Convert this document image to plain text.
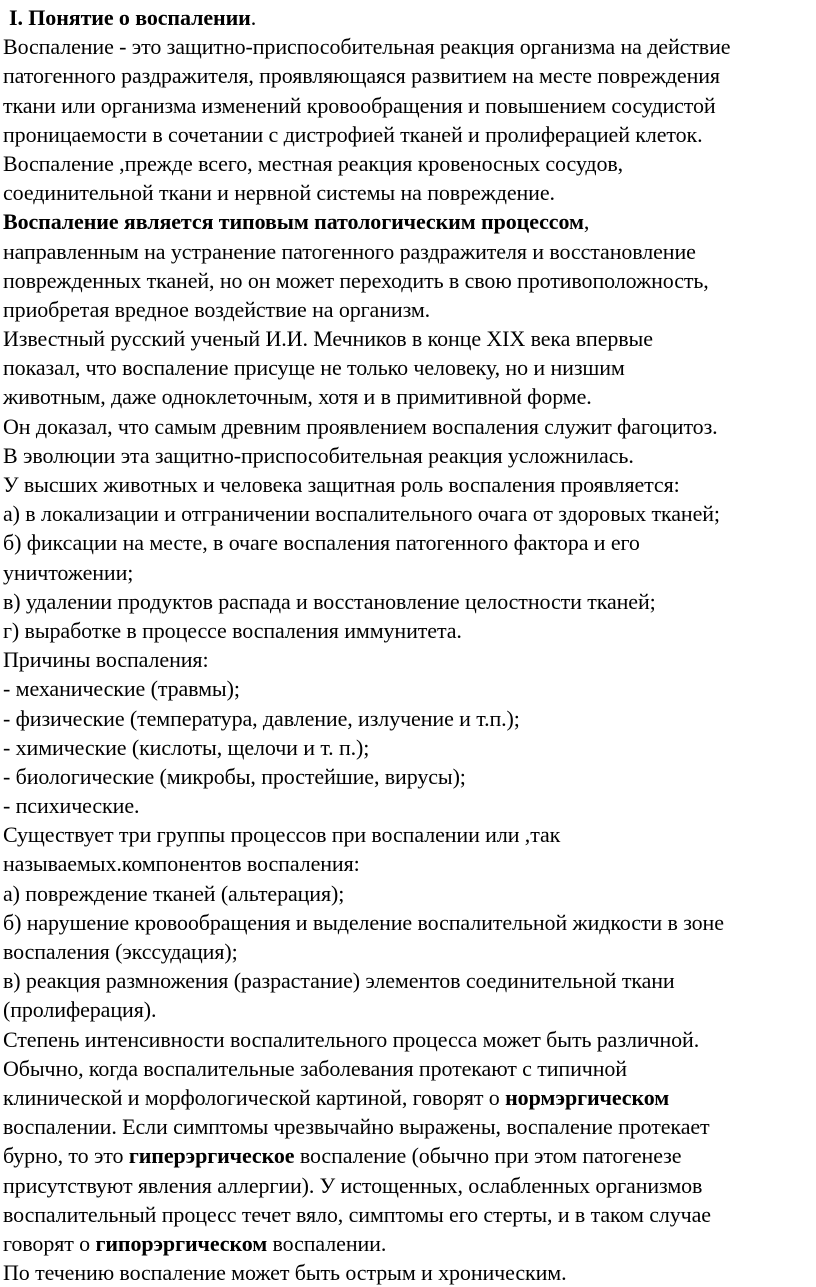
I. Понятие о воспалении.
Воспаление - это защитно-приспособительная реакция организма на действие
патогенного раздражителя, проявляющаяся развитием на месте повреждения
ткани или организма изменений кровообращения и повышением сосудистой
проницаемости в сочетании с дистрофией тканей и пролиферацией клеток.
Воспаление ,прежде всего, местная реакция кровеносных сосудов,
соединительной ткани и нервной системы на повреждение.
Воспаление является типовым патологическим процессом,
направленным на устранение патогенного раздражителя и восстановление
поврежденных тканей, но он может переходить в свою противоположность,
приобретая вредное воздействие на организм.
Известный русский ученый И.И. Мечников в конце XIX века впервые
показал, что воспаление присуще не только человеку, но и низшим
животным, даже одноклеточным, хотя и в примитивной форме.
Он доказал, что самым древним проявлением воспаления служит фагоцитоз.
В эволюции эта защитно-приспособительная реакция усложнилась.
У высших животных и человека защитная роль воспаления проявляется:
а) в локализации и отграничении воспалительного очага от здоровых тканей;
б) фиксации на месте, в очаге воспаления патогенного фактора и его
уничтожении;
в) удалении продуктов распада и восстановление целостности тканей;
г) выработке в процессе воспаления иммунитета.
Причины воспаления:
- механические (травмы);
- физические (температура, давление, излучение и т.п.);
- химические (кислоты, щелочи и т. п.);
- биологические (микробы, простейшие, вирусы);
- психические.
Существует три группы процессов при воспалении или ,так
называемых.компонентов воспаления:
а) повреждение тканей (альтерация);
б) нарушение кровообращения и выделение воспалительной жидкости в зоне
воспаления (экссудация);
в) реакция размножения (разрастание) элементов соединительной ткани
(пролиферация).
Степень интенсивности воспалительного процесса может быть различной.
Обычно, когда воспалительные заболевания протекают с типичной
клинической и морфологической картиной, говорят о нормэргическом
воспалении. Если симптомы чрезвычайно выражены, воспаление протекает
бурно, то это гиперэргическое воспаление (обычно при этом патогенезе
присутствуют явления аллергии). У истощенных, ослабленных организмов
воспалительный процесс течет вяло, симптомы его стерты, и в таком случае
говорят о гипорэргическом воспалении.
По течению воспаление может быть острым и хроническим.
